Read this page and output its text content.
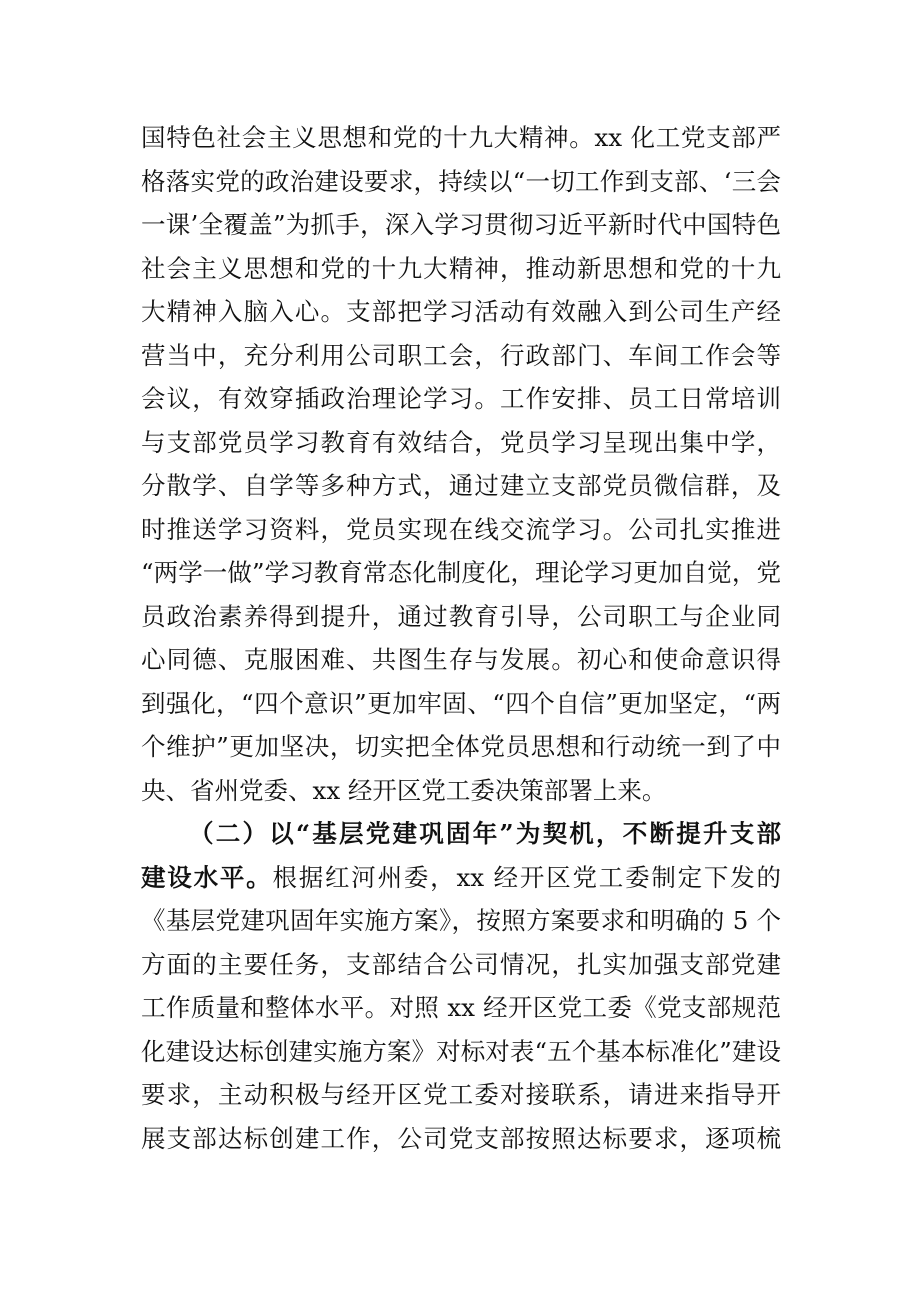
国特色社会主义思想和党的十九大精神。xx 化工党支部严
格落实党的政治建设要求，持续以“一切工作到支部、‘三会
一课’全覆盖”为抓手，深入学习贯彻习近平新时代中国特色
社会主义思想和党的十九大精神，推动新思想和党的十九
大精神入脑入心。支部把学习活动有效融入到公司生产经
营当中，充分利用公司职工会，行政部门、车间工作会等
会议，有效穿插政治理论学习。工作安排、员工日常培训
与支部党员学习教育有效结合，党员学习呈现出集中学，
分散学、自学等多种方式，通过建立支部党员微信群，及
时推送学习资料，党员实现在线交流学习。公司扎实推进
“两学一做”学习教育常态化制度化，理论学习更加自觉，党
员政治素养得到提升，通过教育引导，公司职工与企业同
心同德、克服困难、共图生存与发展。初心和使命意识得
到强化，“四个意识”更加牢固、“四个自信”更加坚定，“两
个维护”更加坚决，切实把全体党员思想和行动统一到了中
央、省州党委、xx 经开区党工委决策部署上来。
（二）以“基层党建巩固年”为契机，不断提升支部
建设水平。根据红河州委，xx 经开区党工委制定下发的
《基层党建巩固年实施方案》，按照方案要求和明确的 5 个
方面的主要任务，支部结合公司情况，扎实加强支部党建
工作质量和整体水平。对照 xx 经开区党工委《党支部规范
化建设达标创建实施方案》对标对表“五个基本标准化”建设
要求，主动积极与经开区党工委对接联系，请进来指导开
展支部达标创建工作，公司党支部按照达标要求，逐项梳
